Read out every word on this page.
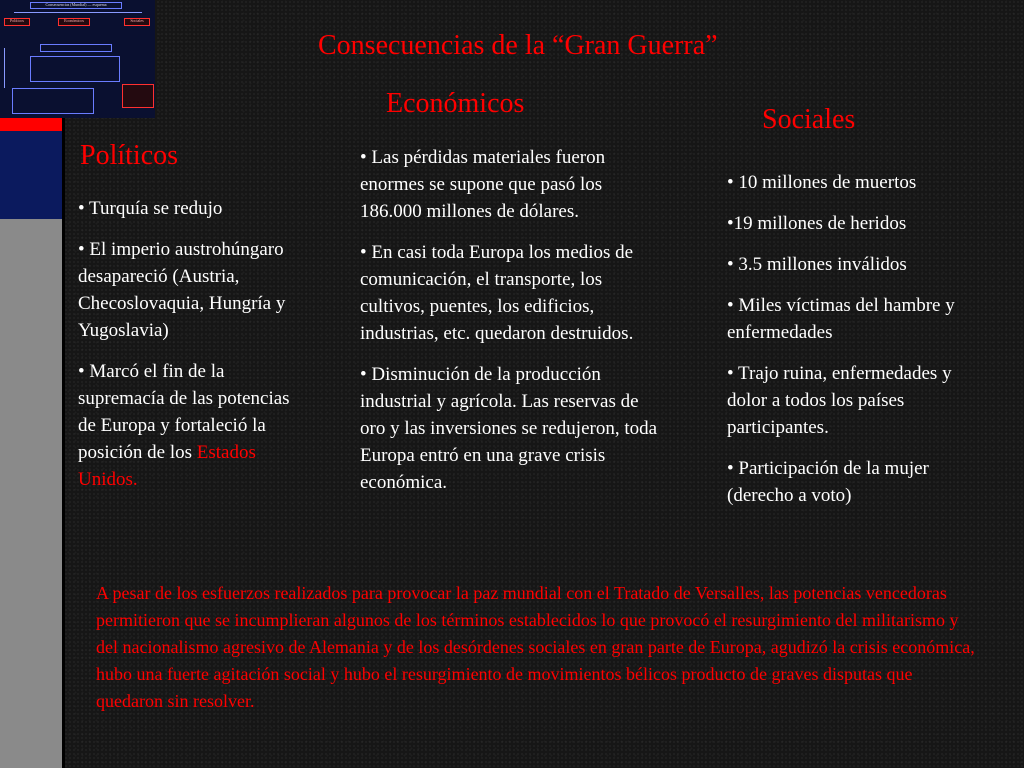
Consecuencias (Mundial) — esquema
Políticos	Económicos	Sociales
Consecuencias de la “Gran Guerra”
Políticos
Económicos
Sociales

• Turquía se redujo

• El imperio austrohúngaro desapareció (Austria, Checoslovaquia, Hungría y Yugoslavia)

• Marcó el fin de la supremacía de las potencias de Europa y fortaleció la posición de los Estados Unidos.

• Las pérdidas materiales fueron enormes se supone que pasó los 186.000 millones de dólares.

• En casi toda Europa los medios de comunicación, el transporte, los cultivos, puentes, los edificios, industrias, etc. quedaron destruidos.

• Disminución de la producción industrial y agrícola. Las reservas de oro y las inversiones se redujeron, toda Europa entró en una grave crisis económica.

• 10 millones de muertos

•19 millones de heridos

• 3.5 millones inválidos

• Miles víctimas del hambre y enfermedades

• Trajo ruina, enfermedades y dolor a todos los países participantes.

• Participación de la mujer (derecho a voto)

A pesar de los esfuerzos realizados para provocar la paz mundial con el Tratado de Versalles, las potencias vencedoras permitieron que se incumplieran algunos de los términos establecidos lo que provocó el resurgimiento del militarismo y del nacionalismo agresivo de Alemania y de los desórdenes sociales en gran parte de Europa, agudizó la crisis económica, hubo una fuerte agitación social y hubo el resurgimiento de movimientos bélicos producto de graves disputas que quedaron sin resolver.
